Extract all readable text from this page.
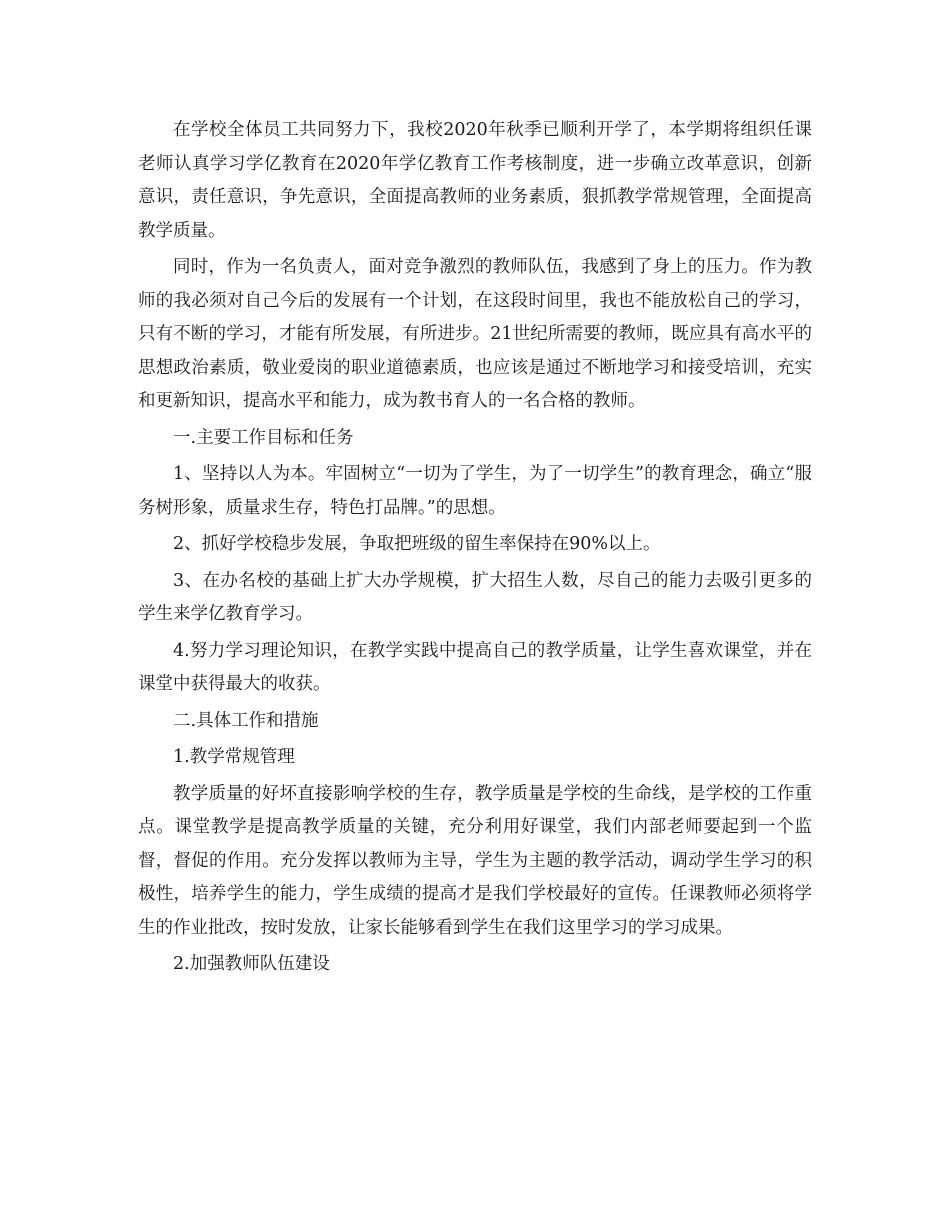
在学校全体员工共同努力下，我校2020年秋季已顺利开学了，本学期将组织任课老师认真学习学亿教育在2020年学亿教育工作考核制度，进一步确立改革意识，创新意识，责任意识，争先意识，全面提高教师的业务素质，狠抓教学常规管理，全面提高教学质量。

同时，作为一名负责人，面对竞争激烈的教师队伍，我感到了身上的压力。作为教师的我必须对自己今后的发展有一个计划，在这段时间里，我也不能放松自己的学习，只有不断的学习，才能有所发展，有所进步。21世纪所需要的教师，既应具有高水平的思想政治素质，敬业爱岗的职业道德素质，也应该是通过不断地学习和接受培训，充实和更新知识，提高水平和能力，成为教书育人的一名合格的教师。

一.主要工作目标和任务

1、坚持以人为本。牢固树立“一切为了学生，为了一切学生”的教育理念，确立“服务树形象，质量求生存，特色打品牌。”的思想。

2、抓好学校稳步发展，争取把班级的留生率保持在90%以上。

3、在办名校的基础上扩大办学规模，扩大招生人数，尽自己的能力去吸引更多的学生来学亿教育学习。

4.努力学习理论知识，在教学实践中提高自己的教学质量，让学生喜欢课堂，并在课堂中获得最大的收获。

二.具体工作和措施

1.教学常规管理

教学质量的好坏直接影响学校的生存，教学质量是学校的生命线，是学校的工作重点。课堂教学是提高教学质量的关键，充分利用好课堂，我们内部老师要起到一个监督，督促的作用。充分发挥以教师为主导，学生为主题的教学活动，调动学生学习的积极性，培养学生的能力，学生成绩的提高才是我们学校最好的宣传。任课教师必须将学生的作业批改，按时发放，让家长能够看到学生在我们这里学习的学习成果。

2.加强教师队伍建设
